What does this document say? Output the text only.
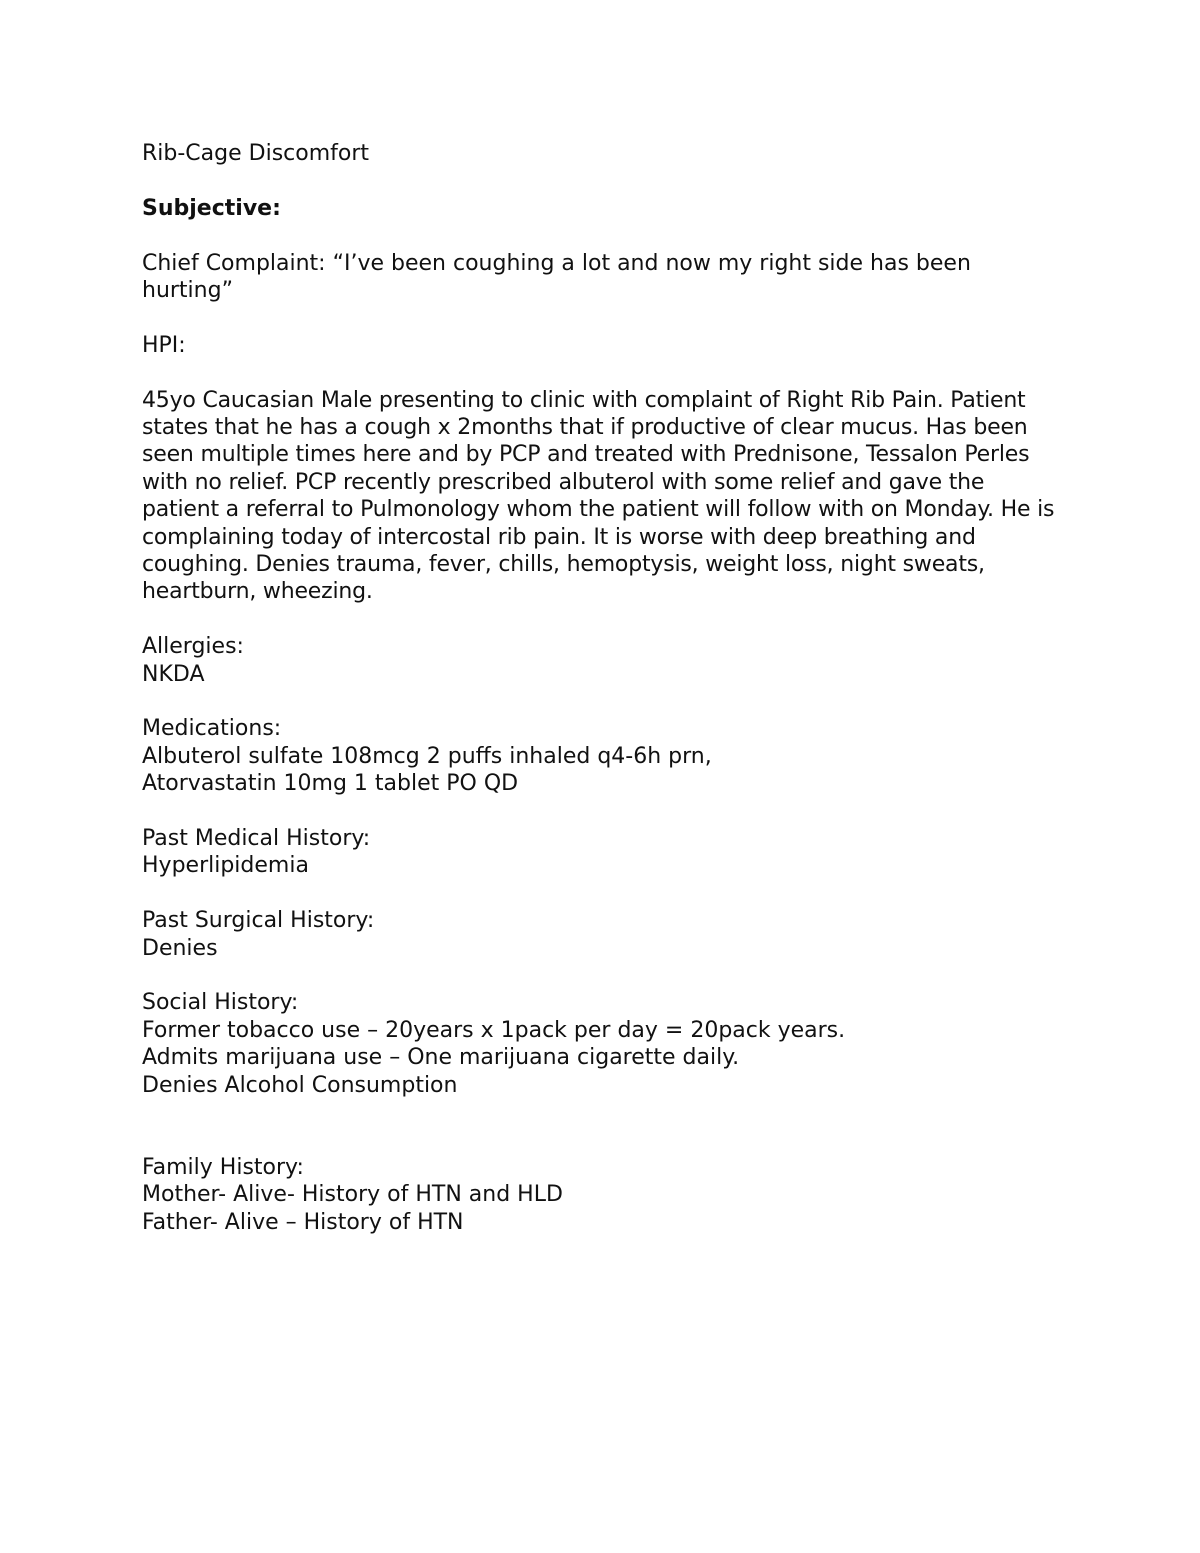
Rib-Cage Discomfort

Subjective:

Chief Complaint: “I’ve been coughing a lot and now my right side has been hurting”

HPI:

45yo Caucasian Male presenting to clinic with complaint of Right Rib Pain. Patient states that he has a cough x 2months that if productive of clear mucus. Has been seen multiple times here and by PCP and treated with Prednisone, Tessalon Perles with no relief. PCP recently prescribed albuterol with some relief and gave the patient a referral to Pulmonology whom the patient will follow with on Monday. He is complaining today of intercostal rib pain. It is worse with deep breathing and coughing. Denies trauma, fever, chills, hemoptysis, weight loss, night sweats, heartburn, wheezing.

Allergies:

NKDA

Medications:

Albuterol sulfate 108mcg 2 puffs inhaled q4-6h prn,

Atorvastatin 10mg 1 tablet PO QD

Past Medical History:

Hyperlipidemia

Past Surgical History:

Denies

Social History:

Former tobacco use – 20years x 1pack per day = 20pack years.

Admits marijuana use – One marijuana cigarette daily.

Denies Alcohol Consumption

Family History:

Mother- Alive- History of HTN and HLD

Father- Alive – History of HTN
